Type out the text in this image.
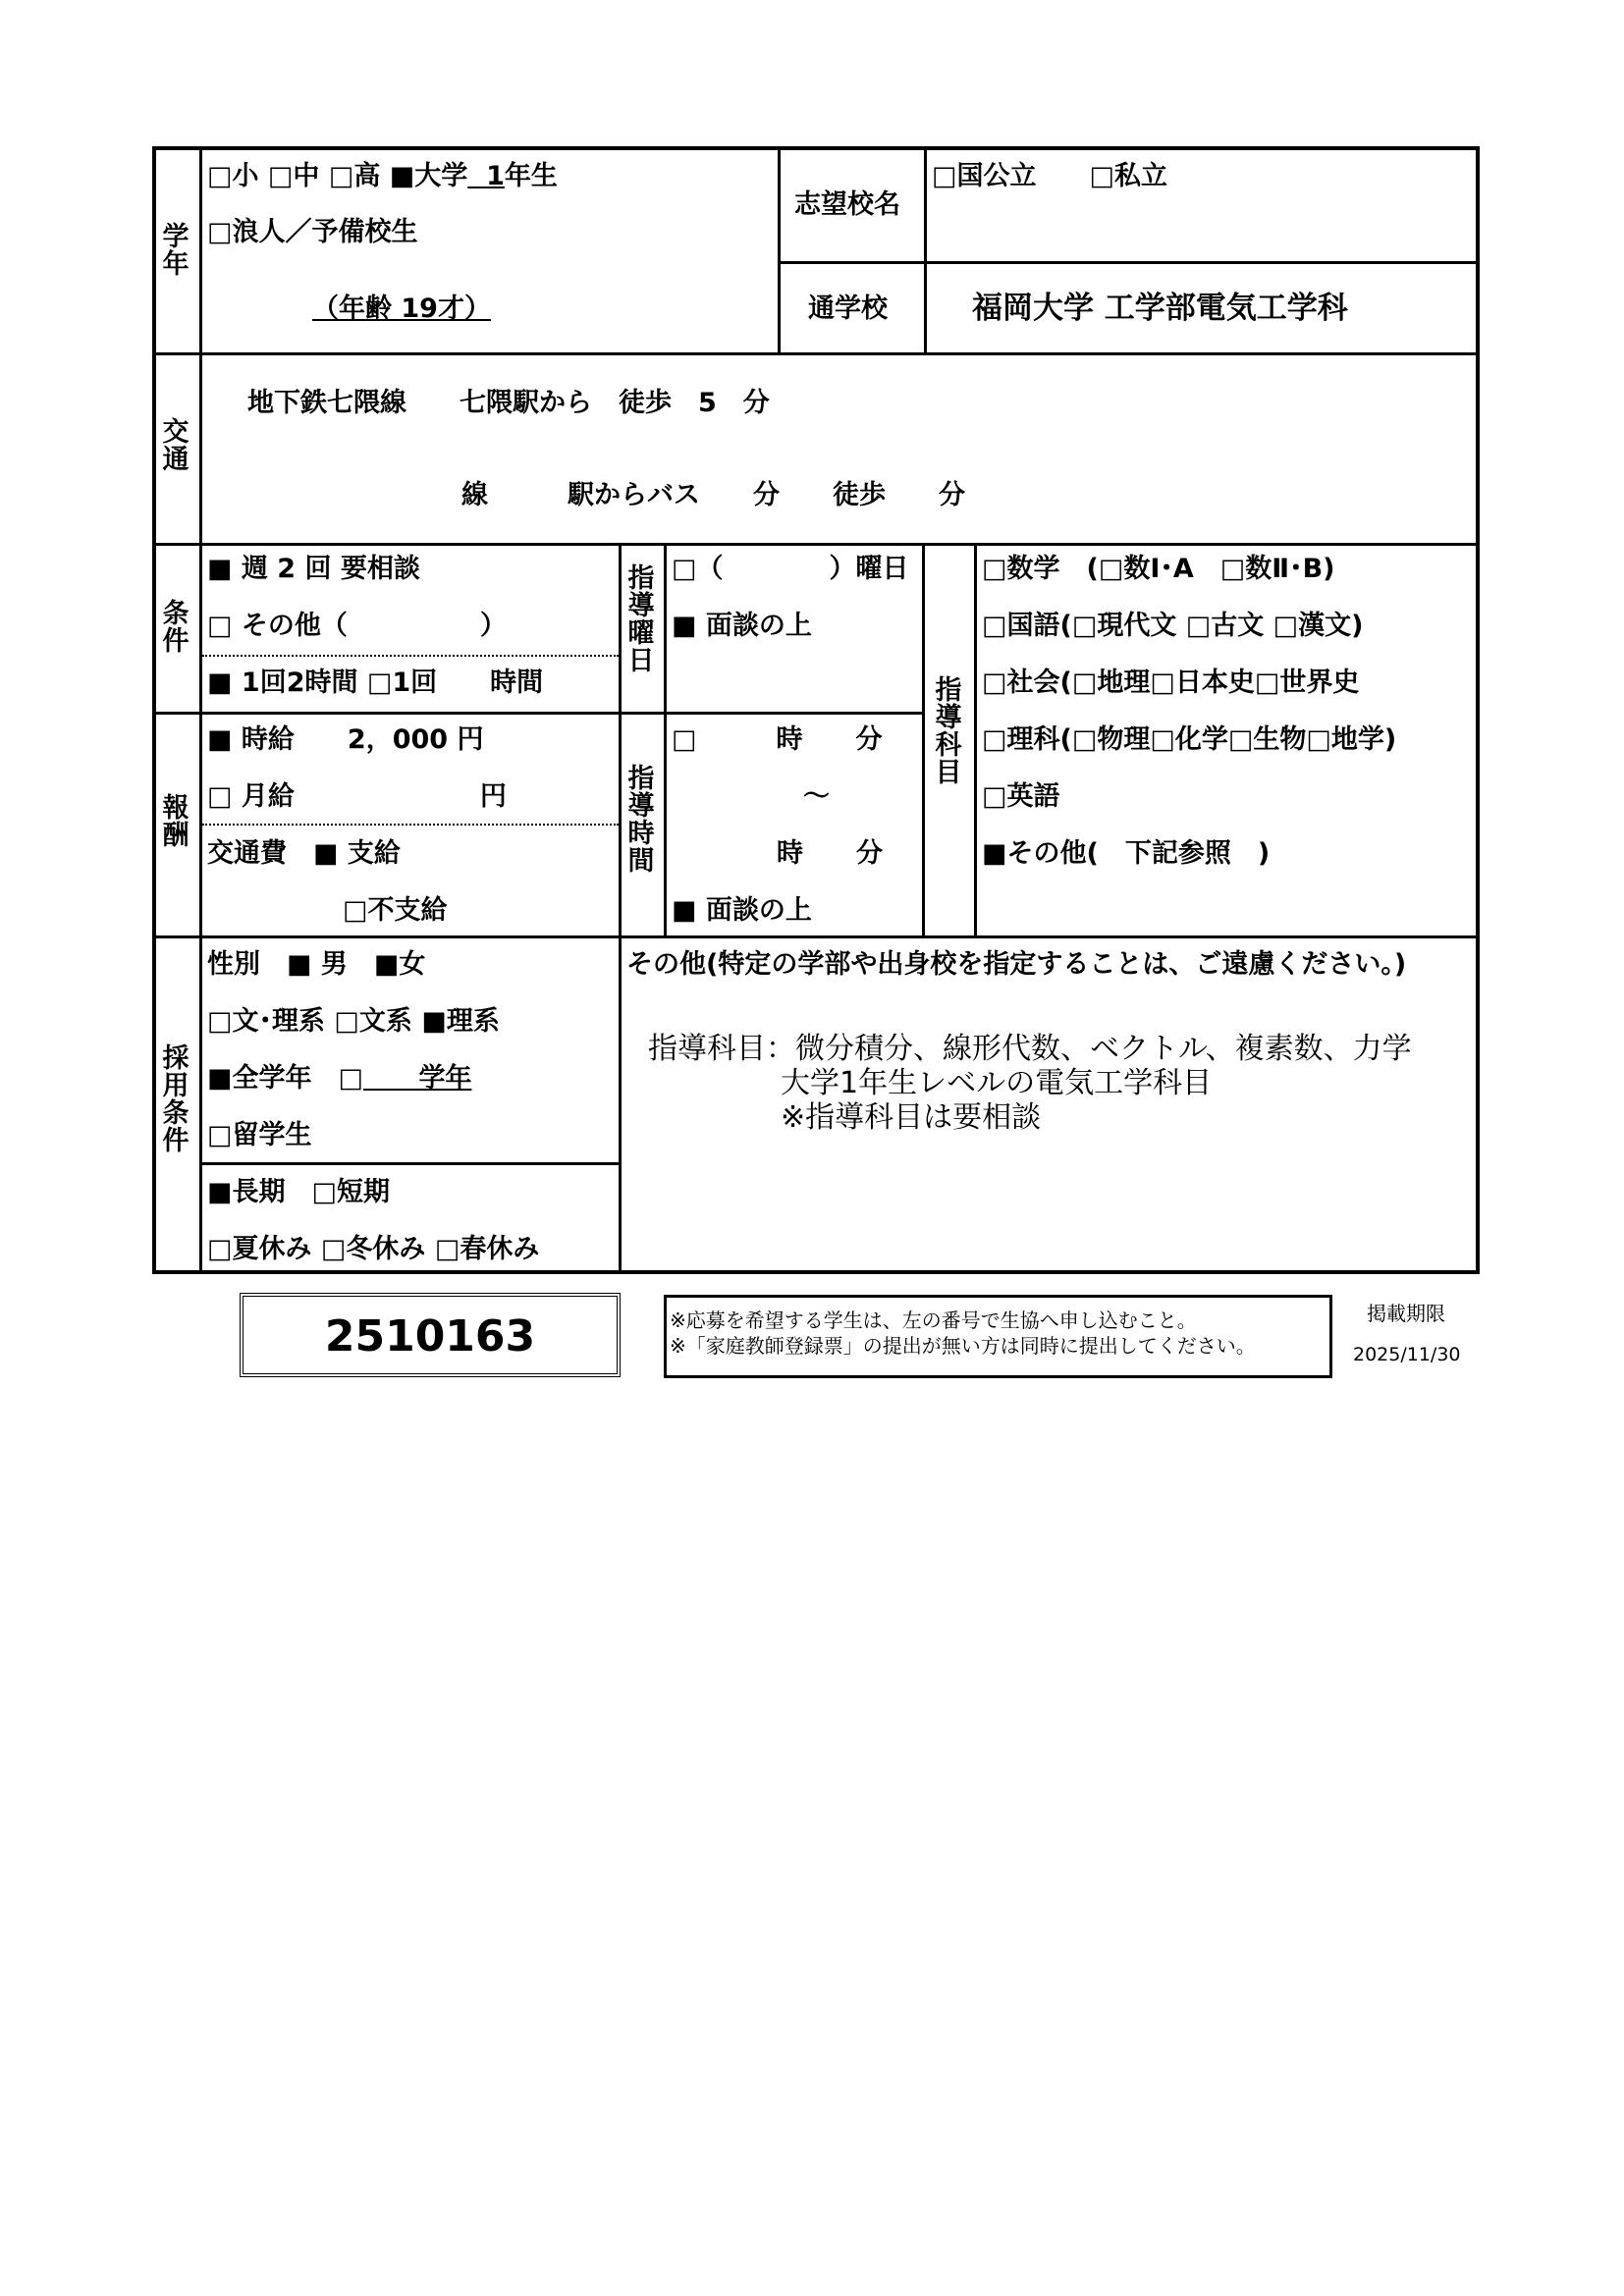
学年
□小 □中 □高 ■大学 1年生
□浪人／予備校生
（年齢 19才）
志望校名
□国公立　　□私立
通学校	福岡大学 工学部電気工学科
交通
地下鉄七隈線　　七隈駅から　徒歩　5　分
線　　　駅からバス　　分　　徒歩　　分
条件
■ 週 2 回 要相談
□ その他（　　　　　）
■ 1回2時間 □1回　　時間
指導曜日
□（　　　　）曜日
■ 面談の上
指導科目
□数学　(□数Ⅰ･A　□数Ⅱ･B)
□国語(□現代文 □古文 □漢文)
□社会(□地理□日本史□世界史
□理科(□物理□化学□生物□地学)
□英語
■その他(　下記参照　)
報酬
■ 時給　　2，000 円
□ 月給　　　　　　　円
交通費　■ 支給
□不支給
指導時間
□　　　時　　分
～
時　　分
■ 面談の上
採用条件
性別　■ 男　■女
□文･理系 □文系 ■理系
■全学年　□ 学年
□留学生
■長期　□短期
□夏休み □冬休み □春休み
その他(特定の学部や出身校を指定することは、ご遠慮ください。)
指導科目：微分積分、線形代数、ベクトル、複素数、力学
大学1年生レベルの電気工学科目
※指導科目は要相談
2510163	※応募を希望する学生は、左の番号で生協へ申し込むこと。
※「家庭教師登録票」の提出が無い方は同時に提出してください。
掲載期限
2025/11/30
